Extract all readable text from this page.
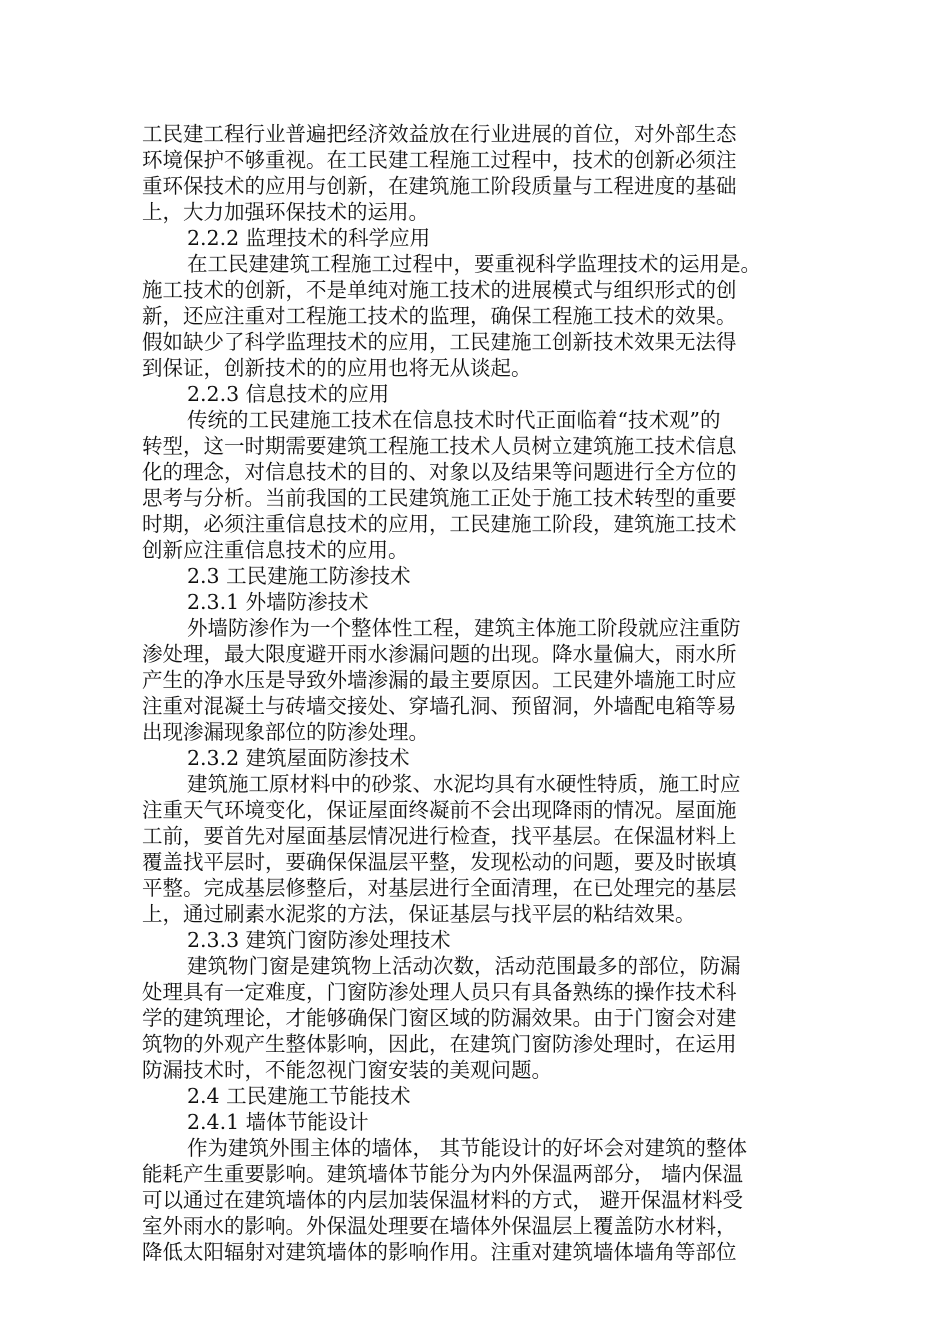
工民建工程行业普遍把经济效益放在行业进展的首位，对外部生态
环境保护不够重视。在工民建工程施工过程中，技术的创新必须注
重环保技术的应用与创新，在建筑施工阶段质量与工程进度的基础
上，大力加强环保技术的运用。
2.2.2 监理技术的科学应用
在工民建建筑工程施工过程中，要重视科学监理技术的运用是。
施工技术的创新，不是单纯对施工技术的进展模式与组织形式的创
新，还应注重对工程施工技术的监理，确保工程施工技术的效果。
假如缺少了科学监理技术的应用，工民建施工创新技术效果无法得
到保证，创新技术的的应用也将无从谈起。
2.2.3 信息技术的应用
传统的工民建施工技术在信息技术时代正面临着“技术观”的
转型，这一时期需要建筑工程施工技术人员树立建筑施工技术信息
化的理念，对信息技术的目的、对象以及结果等问题进行全方位的
思考与分析。当前我国的工民建筑施工正处于施工技术转型的重要
时期，必须注重信息技术的应用，工民建施工阶段，建筑施工技术
创新应注重信息技术的应用。
2.3 工民建施工防渗技术
2.3.1 外墙防渗技术
外墙防渗作为一个整体性工程，建筑主体施工阶段就应注重防
渗处理，最大限度避开雨水渗漏问题的出现。降水量偏大，雨水所
产生的净水压是导致外墙渗漏的最主要原因。工民建外墙施工时应
注重对混凝土与砖墙交接处、穿墙孔洞、预留洞，外墙配电箱等易
出现渗漏现象部位的防渗处理。
2.3.2 建筑屋面防渗技术
建筑施工原材料中的砂浆、水泥均具有水硬性特质，施工时应
注重天气环境变化，保证屋面终凝前不会出现降雨的情况。屋面施
工前，要首先对屋面基层情况进行检查，找平基层。在保温材料上
覆盖找平层时，要确保保温层平整，发现松动的问题，要及时嵌填
平整。完成基层修整后，对基层进行全面清理，在已处理完的基层
上，通过刷素水泥浆的方法，保证基层与找平层的粘结效果。
2.3.3 建筑门窗防渗处理技术
建筑物门窗是建筑物上活动次数，活动范围最多的部位，防漏
处理具有一定难度，门窗防渗处理人员只有具备熟练的操作技术科
学的建筑理论，才能够确保门窗区域的防漏效果。由于门窗会对建
筑物的外观产生整体影响，因此，在建筑门窗防渗处理时，在运用
防漏技术时，不能忽视门窗安装的美观问题。
2.4 工民建施工节能技术
2.4.1 墙体节能设计
作为建筑外围主体的墙体， 其节能设计的好坏会对建筑的整体
能耗产生重要影响。建筑墙体节能分为内外保温两部分， 墙内保温
可以通过在建筑墙体的内层加装保温材料的方式， 避开保温材料受
室外雨水的影响。外保温处理要在墙体外保温层上覆盖防水材料，
降低太阳辐射对建筑墙体的影响作用。注重对建筑墙体墙角等部位
